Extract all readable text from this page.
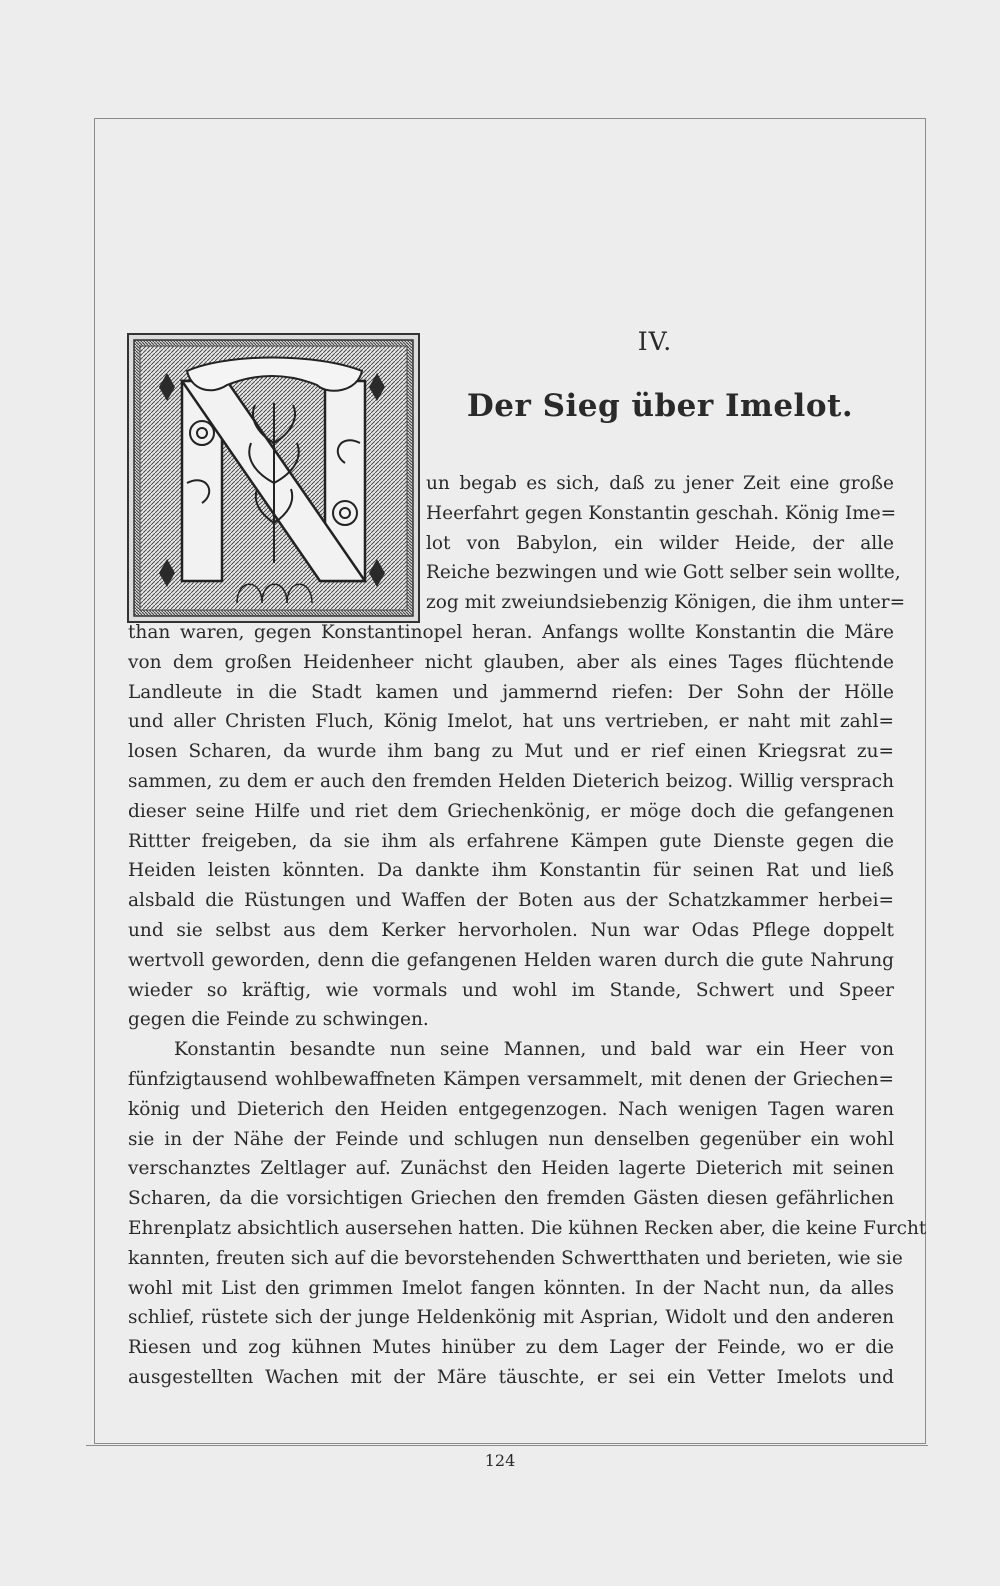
IV.
Der Sieg über Imelot.
un begab es sich, daß zu jener Zeit eine große
Heerfahrt gegen Konstantin geschah. König Ime=
lot von Babylon, ein wilder Heide, der alle
Reiche bezwingen und wie Gott selber sein wollte,
zog mit zweiundsiebenzig Königen, die ihm unter=
than waren, gegen Konstantinopel heran. Anfangs wollte Konstantin die Märe
von dem großen Heidenheer nicht glauben, aber als eines Tages flüchtende
Landleute in die Stadt kamen und jammernd riefen: Der Sohn der Hölle
und aller Christen Fluch, König Imelot, hat uns vertrieben, er naht mit zahl=
losen Scharen, da wurde ihm bang zu Mut und er rief einen Kriegsrat zu=
sammen, zu dem er auch den fremden Helden Dieterich beizog. Willig versprach
dieser seine Hilfe und riet dem Griechenkönig, er möge doch die gefangenen
Rittter freigeben, da sie ihm als erfahrene Kämpen gute Dienste gegen die
Heiden leisten könnten. Da dankte ihm Konstantin für seinen Rat und ließ
alsbald die Rüstungen und Waffen der Boten aus der Schatzkammer herbei=
und sie selbst aus dem Kerker hervorholen. Nun war Odas Pflege doppelt
wertvoll geworden, denn die gefangenen Helden waren durch die gute Nahrung
wieder so kräftig, wie vormals und wohl im Stande, Schwert und Speer
gegen die Feinde zu schwingen.
Konstantin besandte nun seine Mannen, und bald war ein Heer von
fünfzigtausend wohlbewaffneten Kämpen versammelt, mit denen der Griechen=
könig und Dieterich den Heiden entgegenzogen. Nach wenigen Tagen waren
sie in der Nähe der Feinde und schlugen nun denselben gegenüber ein wohl
verschanztes Zeltlager auf. Zunächst den Heiden lagerte Dieterich mit seinen
Scharen, da die vorsichtigen Griechen den fremden Gästen diesen gefährlichen
Ehrenplatz absichtlich ausersehen hatten. Die kühnen Recken aber, die keine Furcht
kannten, freuten sich auf die bevorstehenden Schwertthaten und berieten, wie sie
wohl mit List den grimmen Imelot fangen könnten. In der Nacht nun, da alles
schlief, rüstete sich der junge Heldenkönig mit Asprian, Widolt und den anderen
Riesen und zog kühnen Mutes hinüber zu dem Lager der Feinde, wo er die
ausgestellten Wachen mit der Märe täuschte, er sei ein Vetter Imelots und

124
